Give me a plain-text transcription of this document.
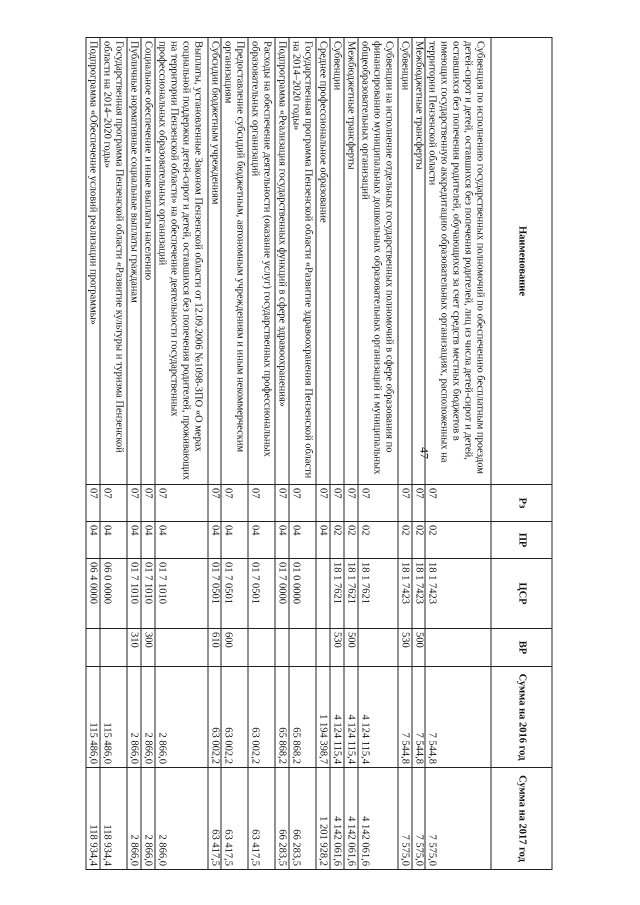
47
Наименование	Рз	ПР	ЦСР	ВР	Сумма на 2016 год	Сумма на 2017 год
Субвенция по исполнению государственных полномочий по обеспечению бесплатным проездом детей-сирот и детей, оставшихся без попечения родителей, лиц из числа детей-сирот и детей, оставшихся без попечения родителей, обучающихся за счет средств местных бюджетов в имеющих государственную аккредитацию образовательных организациях, расположенных на территории Пензенской области	07	02	18 1 7423		7 544,8	7 575,0
Межбюджетные трансферты	07	02	18 1 7423	500	7 544,8	7 575,0
Субвенции	07	02	18 1 7423	530	7 544,8	7 575,0
Субвенции на исполнение отдельных государственных полномочий в сфере образования по финансированию муниципальных дошкольных образовательных организаций и муниципальных общеобразовательных организаций	07	02	18 1 7621		4 124 115,4	4 142 061,6
Межбюджетные трансферты	07	02	18 1 7621	500	4 124 115,4	4 142 061,6
Субвенции	07	02	18 1 7621	530	4 124 115,4	4 142 061,6
Среднее профессиональное образование	07	04			1 194 398,7	1 201 928,2
Государственная программа Пензенской области «Развитие здравоохранения Пензенской области на 2014–2020 годы»	07	04	01 0 0000		65 868,2	66 283,5
Подпрограмма «Реализация государственных функций в сфере здравоохранения»	07	04	01 7 0000		65 868,2	66 283,5
Расходы на обеспечение деятельности (оказание услуг) государственных профессиональных образовательных организаций	07	04	01 7 0501		63 002,2	63 417,5
Предоставление субсидий бюджетным, автономным учреждениям и иным некоммерческим организациям	07	04	01 7 0501	600	63 002,2	63 417,5
Субсидии бюджетным учреждениям	07	04	01 7 0501	610	63 002,2	63 417,5
Выплаты, установленные Законом Пензенской области от 12.09.2006 №1098-ЗПО «О мерах социальной поддержки детей-сирот и детей, оставшихся без попечения родителей, проживающих на территории Пензенской области» на обеспечение деятельности государственных профессиональных образовательных организаций	07	04	01 7 1010		2 866,0	2 866,0
Социальное обеспечение и иные выплаты населению	07	04	01 7 1010	300	2 866,0	2 866,0
Публичные нормативные социальные выплаты гражданам	07	04	01 7 1010	310	2 866,0	2 866,0
Государственная программа Пензенской области «Развитие культуры и туризма Пензенской области на 2014–2020 годы»	07	04	06 0 0000		115 486,0	118 934,4
Подпрограмма «Обеспечение условий реализации программы»	07	04	06 4 0000		115 486,0	118 934,4
